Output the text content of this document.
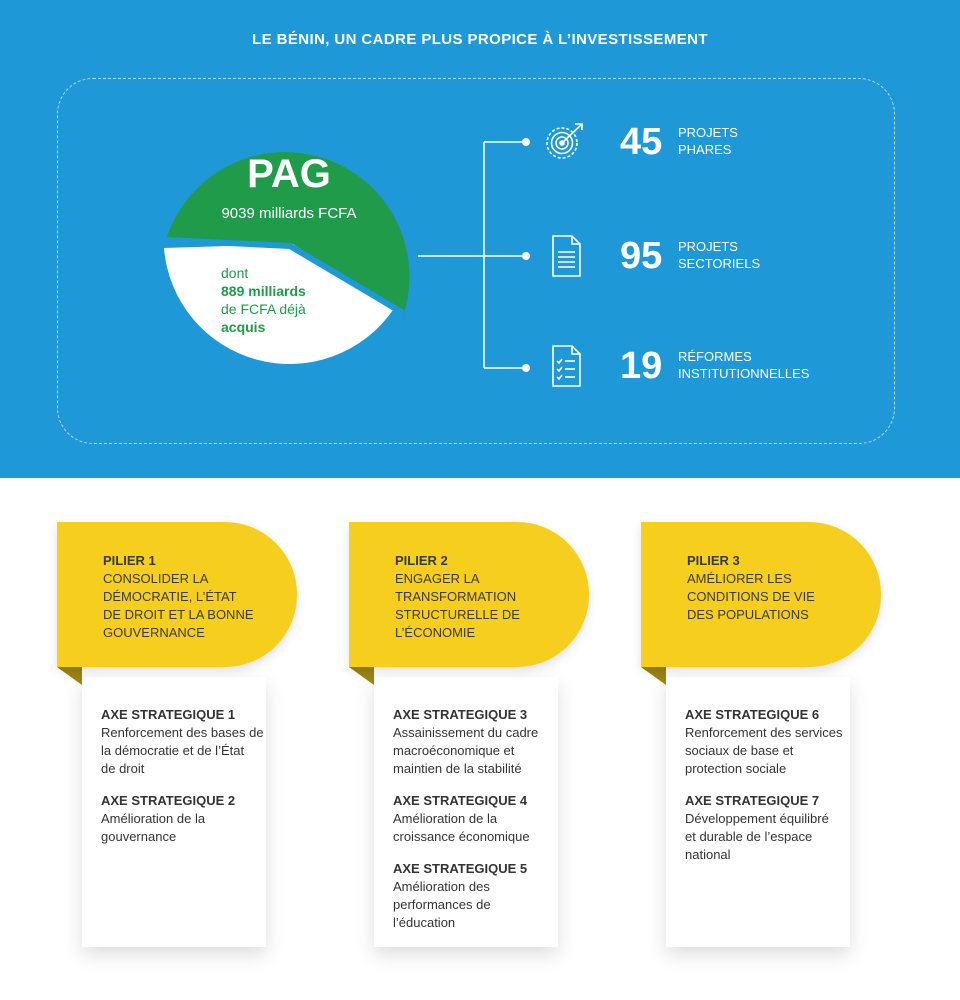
LE BÉNIN, UN CADRE PLUS PROPICE À L’INVESTISSEMENT
PAG
9039 milliards FCFA
dont
889 milliards
de FCFA déjà
acquis
45 PROJETS
PHARES
95 PROJETS
SECTORIELS
19 RÉFORMES
INSTITUTIONNELLES
PILIER 1
CONSOLIDER LA
DÉMOCRATIE, L’ÉTAT
DE DROIT ET LA BONNE
GOUVERNANCE
AXE STRATEGIQUE 1
Renforcement des bases de
la démocratie et de l’État
de droit
AXE STRATEGIQUE 2
Amélioration de la
gouvernance
PILIER 2
ENGAGER LA
TRANSFORMATION
STRUCTURELLE DE
L’ÉCONOMIE
AXE STRATEGIQUE 3
Assainissement du cadre
macroéconomique et
maintien de la stabilité
AXE STRATEGIQUE 4
Amélioration de la
croissance économique
AXE STRATEGIQUE 5
Amélioration des
performances de
l’éducation
PILIER 3
AMÉLIORER LES
CONDITIONS DE VIE
DES POPULATIONS
AXE STRATEGIQUE 6
Renforcement des services
sociaux de base et
protection sociale
AXE STRATEGIQUE 7
Développement équilibré
et durable de l’espace
national
